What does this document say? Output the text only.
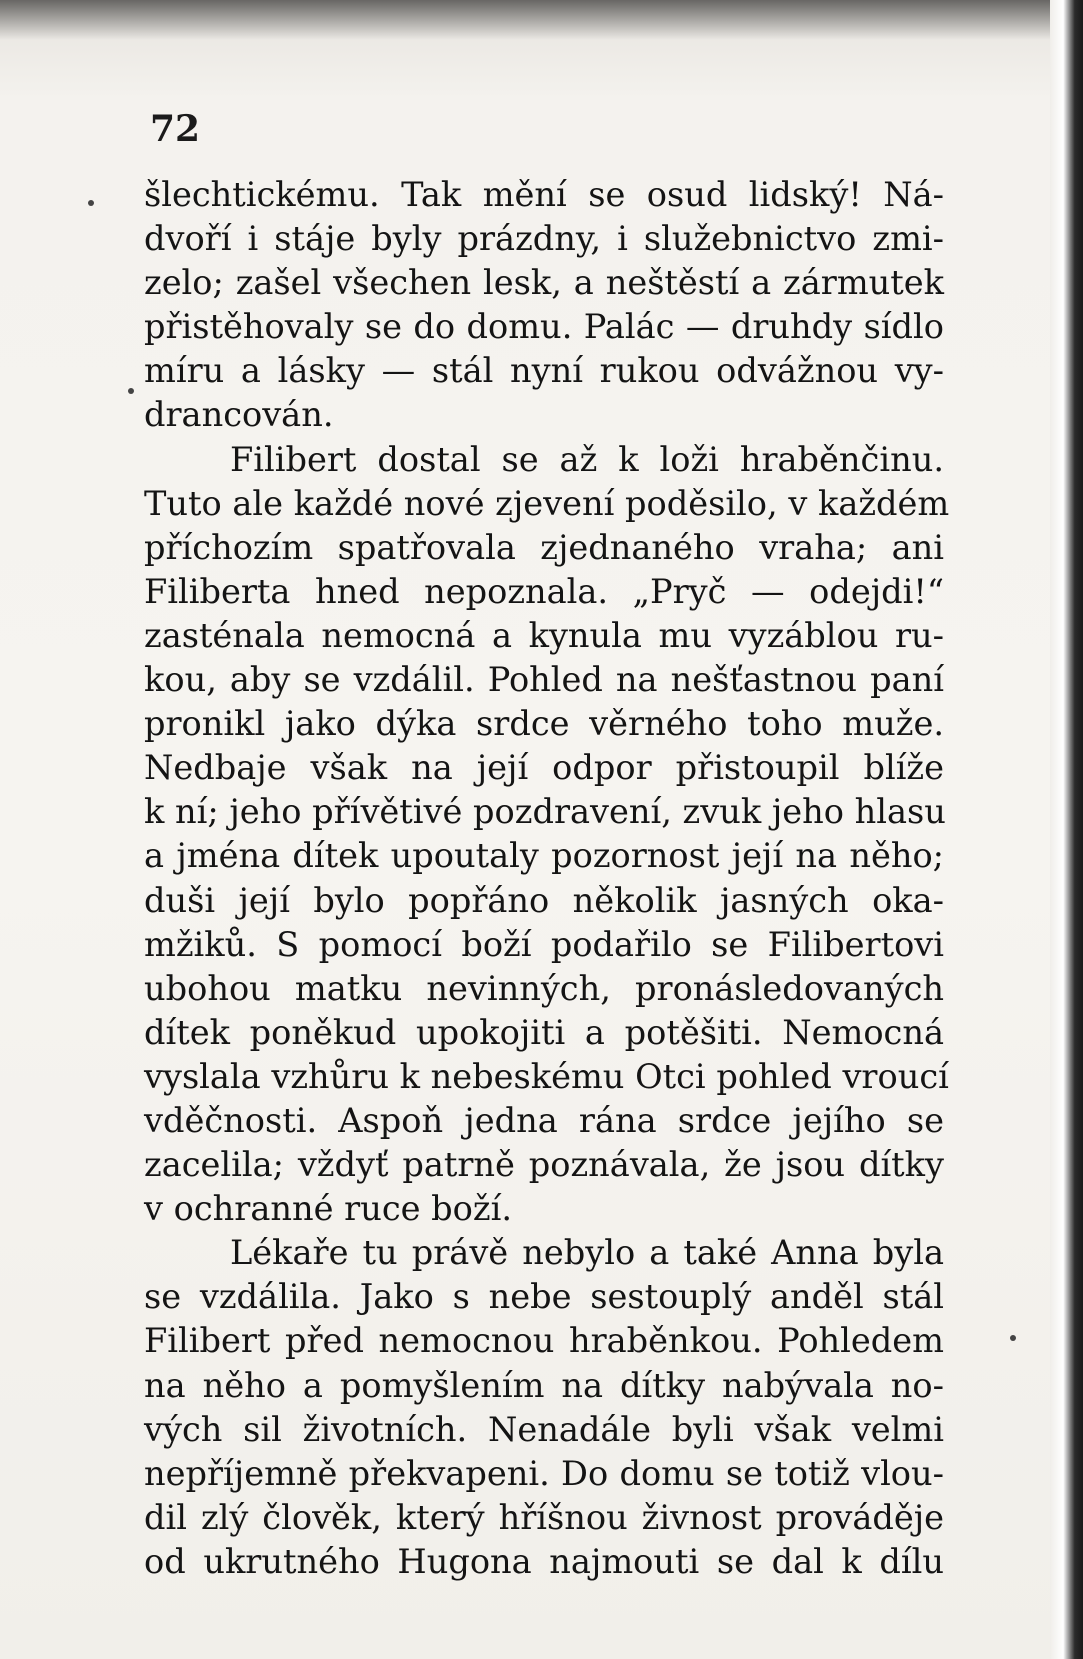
72

šlechtickému. Tak mění se osud lidský! Ná-
dvoří i stáje byly prázdny, i služebnictvo zmi-
zelo; zašel všechen lesk, a neštěstí a zármutek
přistěhovaly se do domu. Palác — druhdy sídlo
míru a lásky — stál nyní rukou odvážnou vy-
drancován.
Filibert dostal se až k loži hraběnčinu.
Tuto ale každé nové zjevení poděsilo, v každém
příchozím spatřovala zjednaného vraha; ani
Filiberta hned nepoznala. „Pryč — odejdi!“
zasténala nemocná a kynula mu vyzáblou ru-
kou, aby se vzdálil. Pohled na nešťastnou paní
pronikl jako dýka srdce věrného toho muže.
Nedbaje však na její odpor přistoupil blíže
k ní; jeho přívětivé pozdravení, zvuk jeho hlasu
a jména dítek upoutaly pozornost její na něho;
duši její bylo popřáno několik jasných oka-
mžiků. S pomocí boží podařilo se Filibertovi
ubohou matku nevinných, pronásledovaných
dítek poněkud upokojiti a potěšiti. Nemocná
vyslala vzhůru k nebeskému Otci pohled vroucí
vděčnosti. Aspoň jedna rána srdce jejího se
zacelila; vždyť patrně poznávala, že jsou dítky
v ochranné ruce boží.
Lékaře tu právě nebylo a také Anna byla
se vzdálila. Jako s nebe sestouplý anděl stál
Filibert před nemocnou hraběnkou. Pohledem
na něho a pomyšlením na dítky nabývala no-
vých sil životních. Nenadále byli však velmi
nepříjemně překvapeni. Do domu se totiž vlou-
dil zlý člověk, který hříšnou živnost prováděje
od ukrutného Hugona najmouti se dal k dílu
